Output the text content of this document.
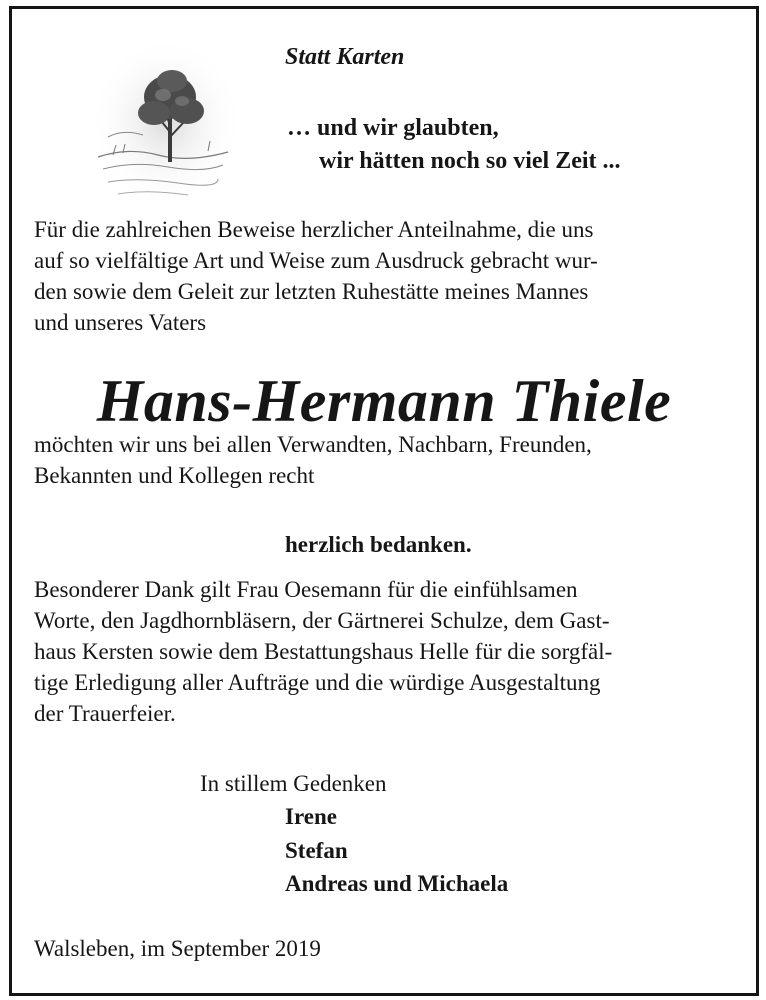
Statt Karten
… und wir glaubten,
wir hätten noch so viel Zeit ...
Für die zahlreichen Beweise herzlicher Anteilnahme, die uns
auf so vielfältige Art und Weise zum Ausdruck gebracht wur-
den sowie dem Geleit zur letzten Ruhestätte meines Mannes
und unseres Vaters
Hans-Hermann Thiele
möchten wir uns bei allen Verwandten, Nachbarn, Freunden,
Bekannten und Kollegen recht
herzlich bedanken.
Besonderer Dank gilt Frau Oesemann für die einfühlsamen
Worte, den Jagdhornbläsern, der Gärtnerei Schulze, dem Gast-
haus Kersten sowie dem Bestattungshaus Helle für die sorgfäl-
tige Erledigung aller Aufträge und die würdige Ausgestaltung
der Trauerfeier.
In stillem Gedenken
Irene
Stefan
Andreas und Michaela
Walsleben, im September 2019
